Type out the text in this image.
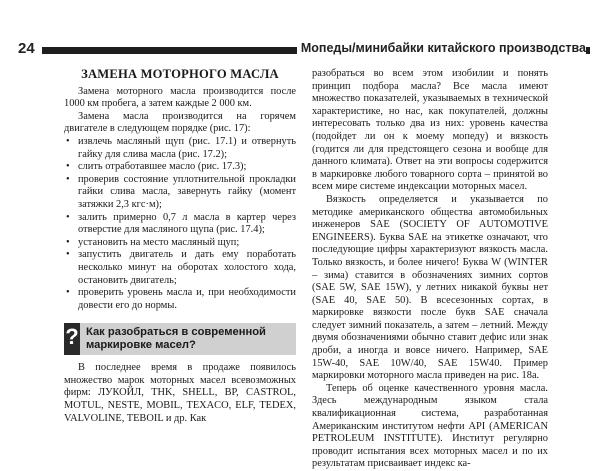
24	Мопеды/минибайки китайского производства
ЗАМЕНА МОТОРНОГО МАСЛА

Замена моторного масла производится после 1000 км пробега, а затем каждые 2 000 км.

Замена масла производится на горячем двигателе в следующем порядке (рис. 17):

• извлечь масляный щуп (рис. 17.1) и отвернуть гайку для слива масла (рис. 17.2);
• слить отработавшее масло (рис. 17.3);
• проверив состояние уплотнительной прокладки гайки слива масла, завернуть гайку (момент затяжки 2,3 кгс·м);
• залить примерно 0,7 л масла в картер через отверстие для масляного щупа (рис. 17.4);
• установить на место масляный щуп;
• запустить двигатель и дать ему поработать несколько минут на оборотах холостого хода, остановить двигатель;
• проверить уровень масла и, при необходимости довести его до нормы.
? Как разобраться в современной маркировке масел?

В последнее время в продаже появилось множество марок моторных масел всевозможных фирм: ЛУКОЙЛ, THK, SHELL, BP, CASTROL, MOTUL, NESTE, MOBIL, TEXACO, ELF, TEDEX, VALVOLINE, TEBOIL и др. Как

разобраться во всем этом изобилии и понять принцип подбора масла? Все масла имеют множество показателей, указываемых в технической характеристике, но нас, как покупателей, должны интересовать только два из них: уровень качества (подойдет ли он к моему мопеду) и вязкость (годится ли для предстоящего сезона и вообще для данного климата). Ответ на эти вопросы содержится в маркировке любого товарного сорта – принятой во всем мире системе индексации моторных масел.

Вязкость определяется и указывается по методике американского общества автомобильных инженеров SAE (SOCIETY OF AUTOMOTIVE ENGINEERS). Буква SAE на этикетке означают, что последующие цифры характеризуют вязкость масла. Только вязкость, и более ничего! Буква W (WINTER – зима) ставится в обозначениях зимних сортов (SAE 5W, SAE 15W), у летних никакой буквы нет (SAE 40, SAE 50). В всесезонных сортах, в маркировке вязкости после букв SAE сначала следует зимний показатель, а затем – летний. Между двумя обозначениями обычно ставит дефис или знак дроби, а иногда и вовсе ничего. Например, SAE 15W-40, SAE 10W/40, SAE 15W40. Пример маркировки моторного масла приведен на рис. 18а.

Теперь об оценке качественного уровня масла. Здесь международным языком стала квалификационная система, разработанная Американским институтом нефти API (AMERICAN PETROLEUM INSTITUTE). Институт регулярно проводит испытания всех моторных масел и по их результатам присваивает индекс ка-
